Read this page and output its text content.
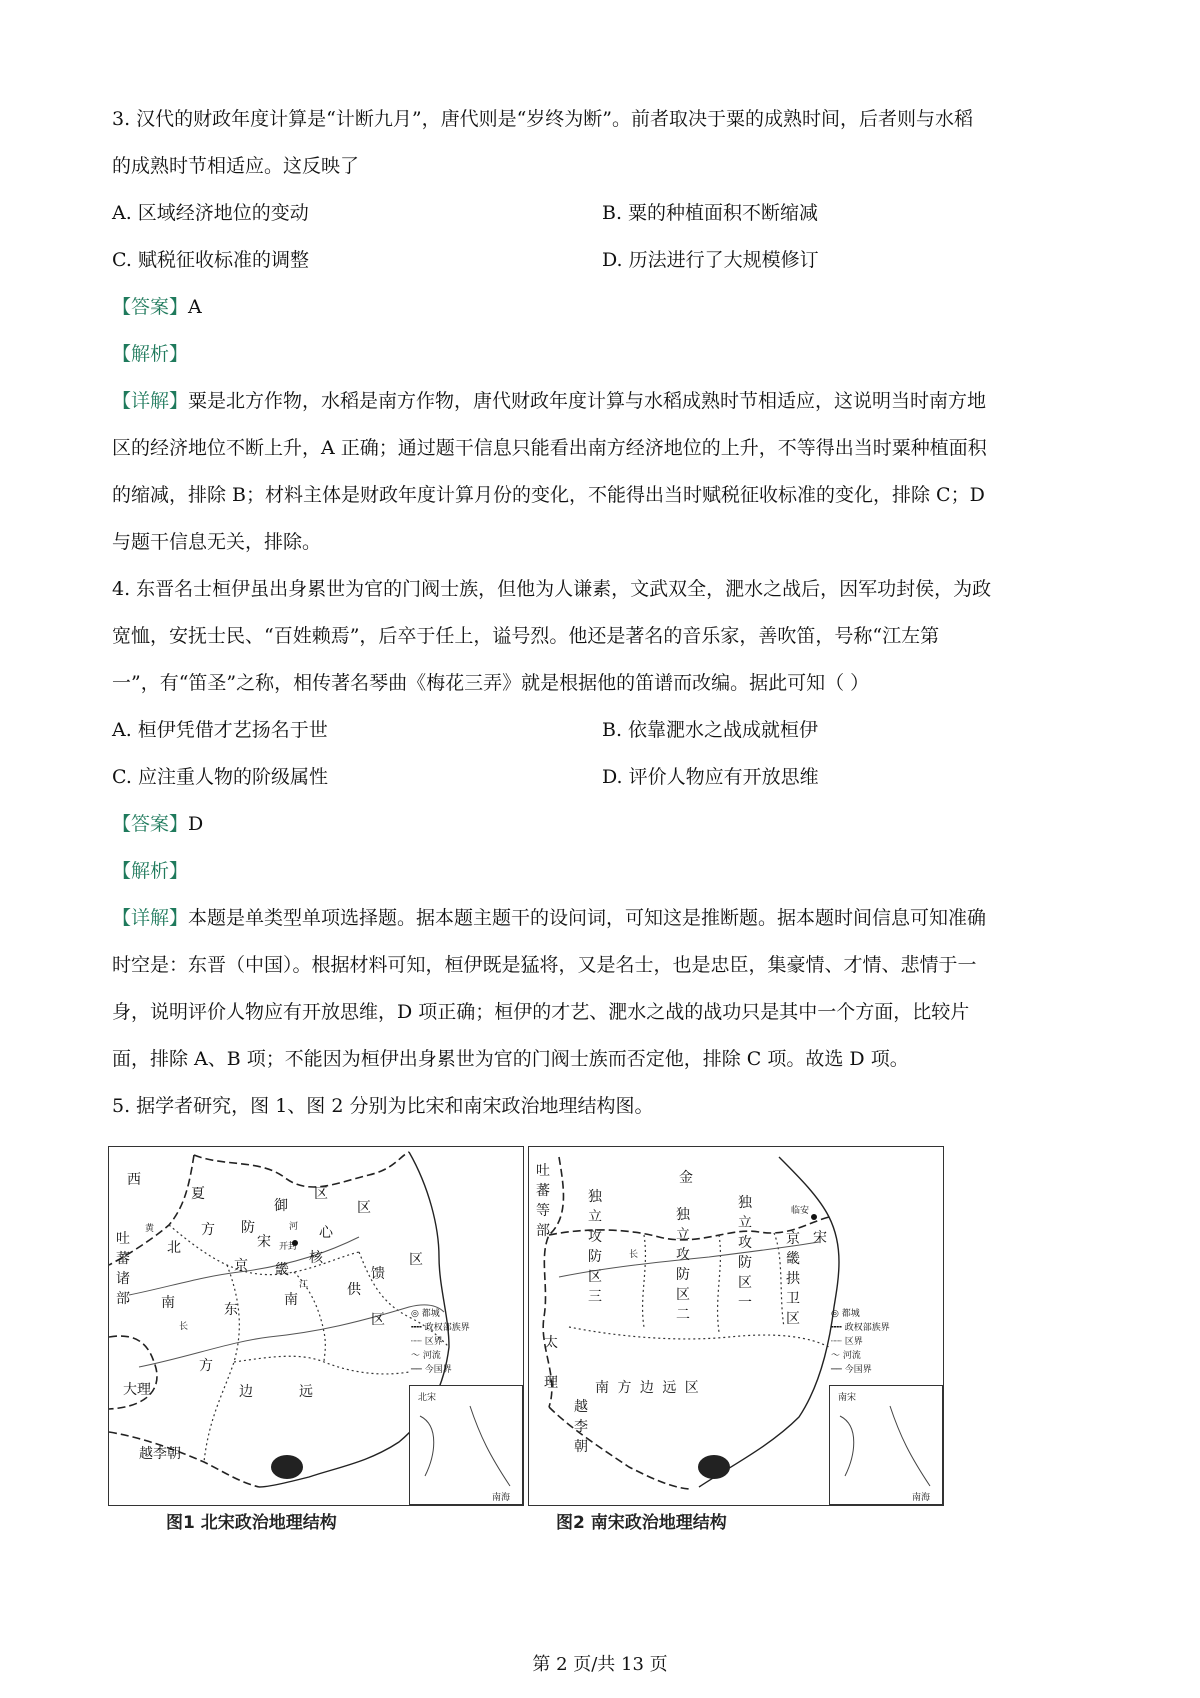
3. 汉代的财政年度计算是“计断九月”，唐代则是“岁终为断”。前者取决于粟的成熟时间，后者则与水稻
的成熟时节相适应。这反映了
A. 区域经济地位的变动	B. 粟的种植面积不断缩减
C. 赋税征收标准的调整	D. 历法进行了大规模修订
【答案】A
【解析】
【详解】粟是北方作物，水稻是南方作物，唐代财政年度计算与水稻成熟时节相适应，这说明当时南方地
区的经济地位不断上升，A 正确；通过题干信息只能看出南方经济地位的上升，不等得出当时粟种植面积
的缩减，排除 B；材料主体是财政年度计算月份的变化，不能得出当时赋税征收标准的变化，排除 C；D
与题干信息无关，排除。
4. 东晋名士桓伊虽出身累世为官的门阀士族，但他为人谦素，文武双全，淝水之战后，因军功封侯，为政
宽恤，安抚士民、“百姓赖焉”，后卒于任上，谥号烈。他还是著名的音乐家，善吹笛，号称“江左第
一”，有“笛圣”之称，相传著名琴曲《梅花三弄》就是根据他的笛谱而改编。据此可知（ ）
A. 桓伊凭借才艺扬名于世	B. 依靠淝水之战成就桓伊
C. 应注重人物的阶级属性	D. 评价人物应有开放思维
【答案】D
【解析】
【详解】本题是单类型单项选择题。据本题主题干的设问词，可知这是推断题。据本题时间信息可知准确
时空是：东晋（中国）。根据材料可知，桓伊既是猛将，又是名士，也是忠臣，集豪情、才情、悲情于一
身，说明评价人物应有开放思维，D 项正确；桓伊的才艺、淝水之战的战功只是其中一个方面，比较片
面，排除 A、B 项；不能因为桓伊出身累世为官的门阀士族而否定他，排除 C 项。故选 D 项。
5. 据学者研究，图 1、图 2 分别为比宋和南宋政治地理结构图。
西
夏
御
区
区
方 防	心
河
北
黄
宋 开封
核
京 畿
吐
蕃
诸
部 南
长
江	供
馈
区
东
南
区
方
大理	边	远
越李朝
◎ 都城
╍╍ 政权部族界
┈┈ 区界
～ 河流
── 今国界
北宋
南海
图1 北宋政治地理结构
吐
蕃
等
部
金
独
立
攻
防
区
三
独
立
攻
防
区
二
独
立
攻
防
区
一
临安
宋
京
畿
拱
卫
区
长
太

理
越
李
朝
南 方 边 远 区
◎ 都城
╍╍ 政权部族界
┈┈ 区界
～ 河流
── 今国界
南宋
南海
图2 南宋政治地理结构
第 2 页/共 13 页
